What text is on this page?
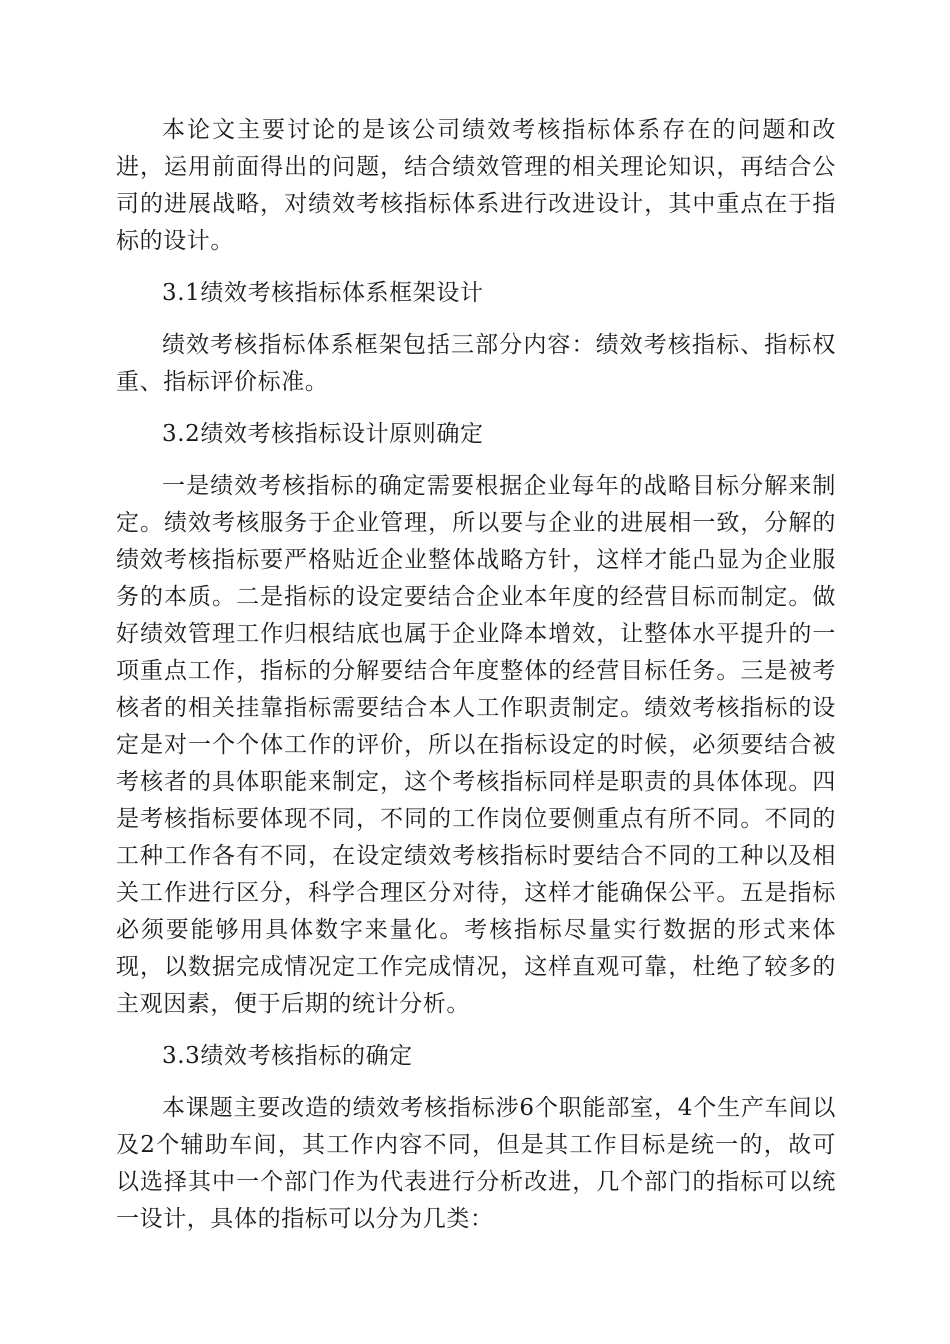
本论文主要讨论的是该公司绩效考核指标体系存在的问题和改进，运用前面得出的问题，结合绩效管理的相关理论知识，再结合公司的进展战略，对绩效考核指标体系进行改进设计，其中重点在于指标的设计。

3.1绩效考核指标体系框架设计

绩效考核指标体系框架包括三部分内容：绩效考核指标、指标权重、指标评价标准。

3.2绩效考核指标设计原则确定

一是绩效考核指标的确定需要根据企业每年的战略目标分解来制定。绩效考核服务于企业管理，所以要与企业的进展相一致，分解的绩效考核指标要严格贴近企业整体战略方针，这样才能凸显为企业服务的本质。二是指标的设定要结合企业本年度的经营目标而制定。做好绩效管理工作归根结底也属于企业降本增效，让整体水平提升的一项重点工作，指标的分解要结合年度整体的经营目标任务。三是被考核者的相关挂靠指标需要结合本人工作职责制定。绩效考核指标的设定是对一个个体工作的评价，所以在指标设定的时候，必须要结合被考核者的具体职能来制定，这个考核指标同样是职责的具体体现。四是考核指标要体现不同，不同的工作岗位要侧重点有所不同。不同的工种工作各有不同，在设定绩效考核指标时要结合不同的工种以及相关工作进行区分，科学合理区分对待，这样才能确保公平。五是指标必须要能够用具体数字来量化。考核指标尽量实行数据的形式来体现，以数据完成情况定工作完成情况，这样直观可靠，杜绝了较多的主观因素，便于后期的统计分析。

3.3绩效考核指标的确定

本课题主要改造的绩效考核指标涉6个职能部室，4个生产车间以及2个辅助车间，其工作内容不同，但是其工作目标是统一的，故可以选择其中一个部门作为代表进行分析改进，几个部门的指标可以统一设计，具体的指标可以分为几类：
